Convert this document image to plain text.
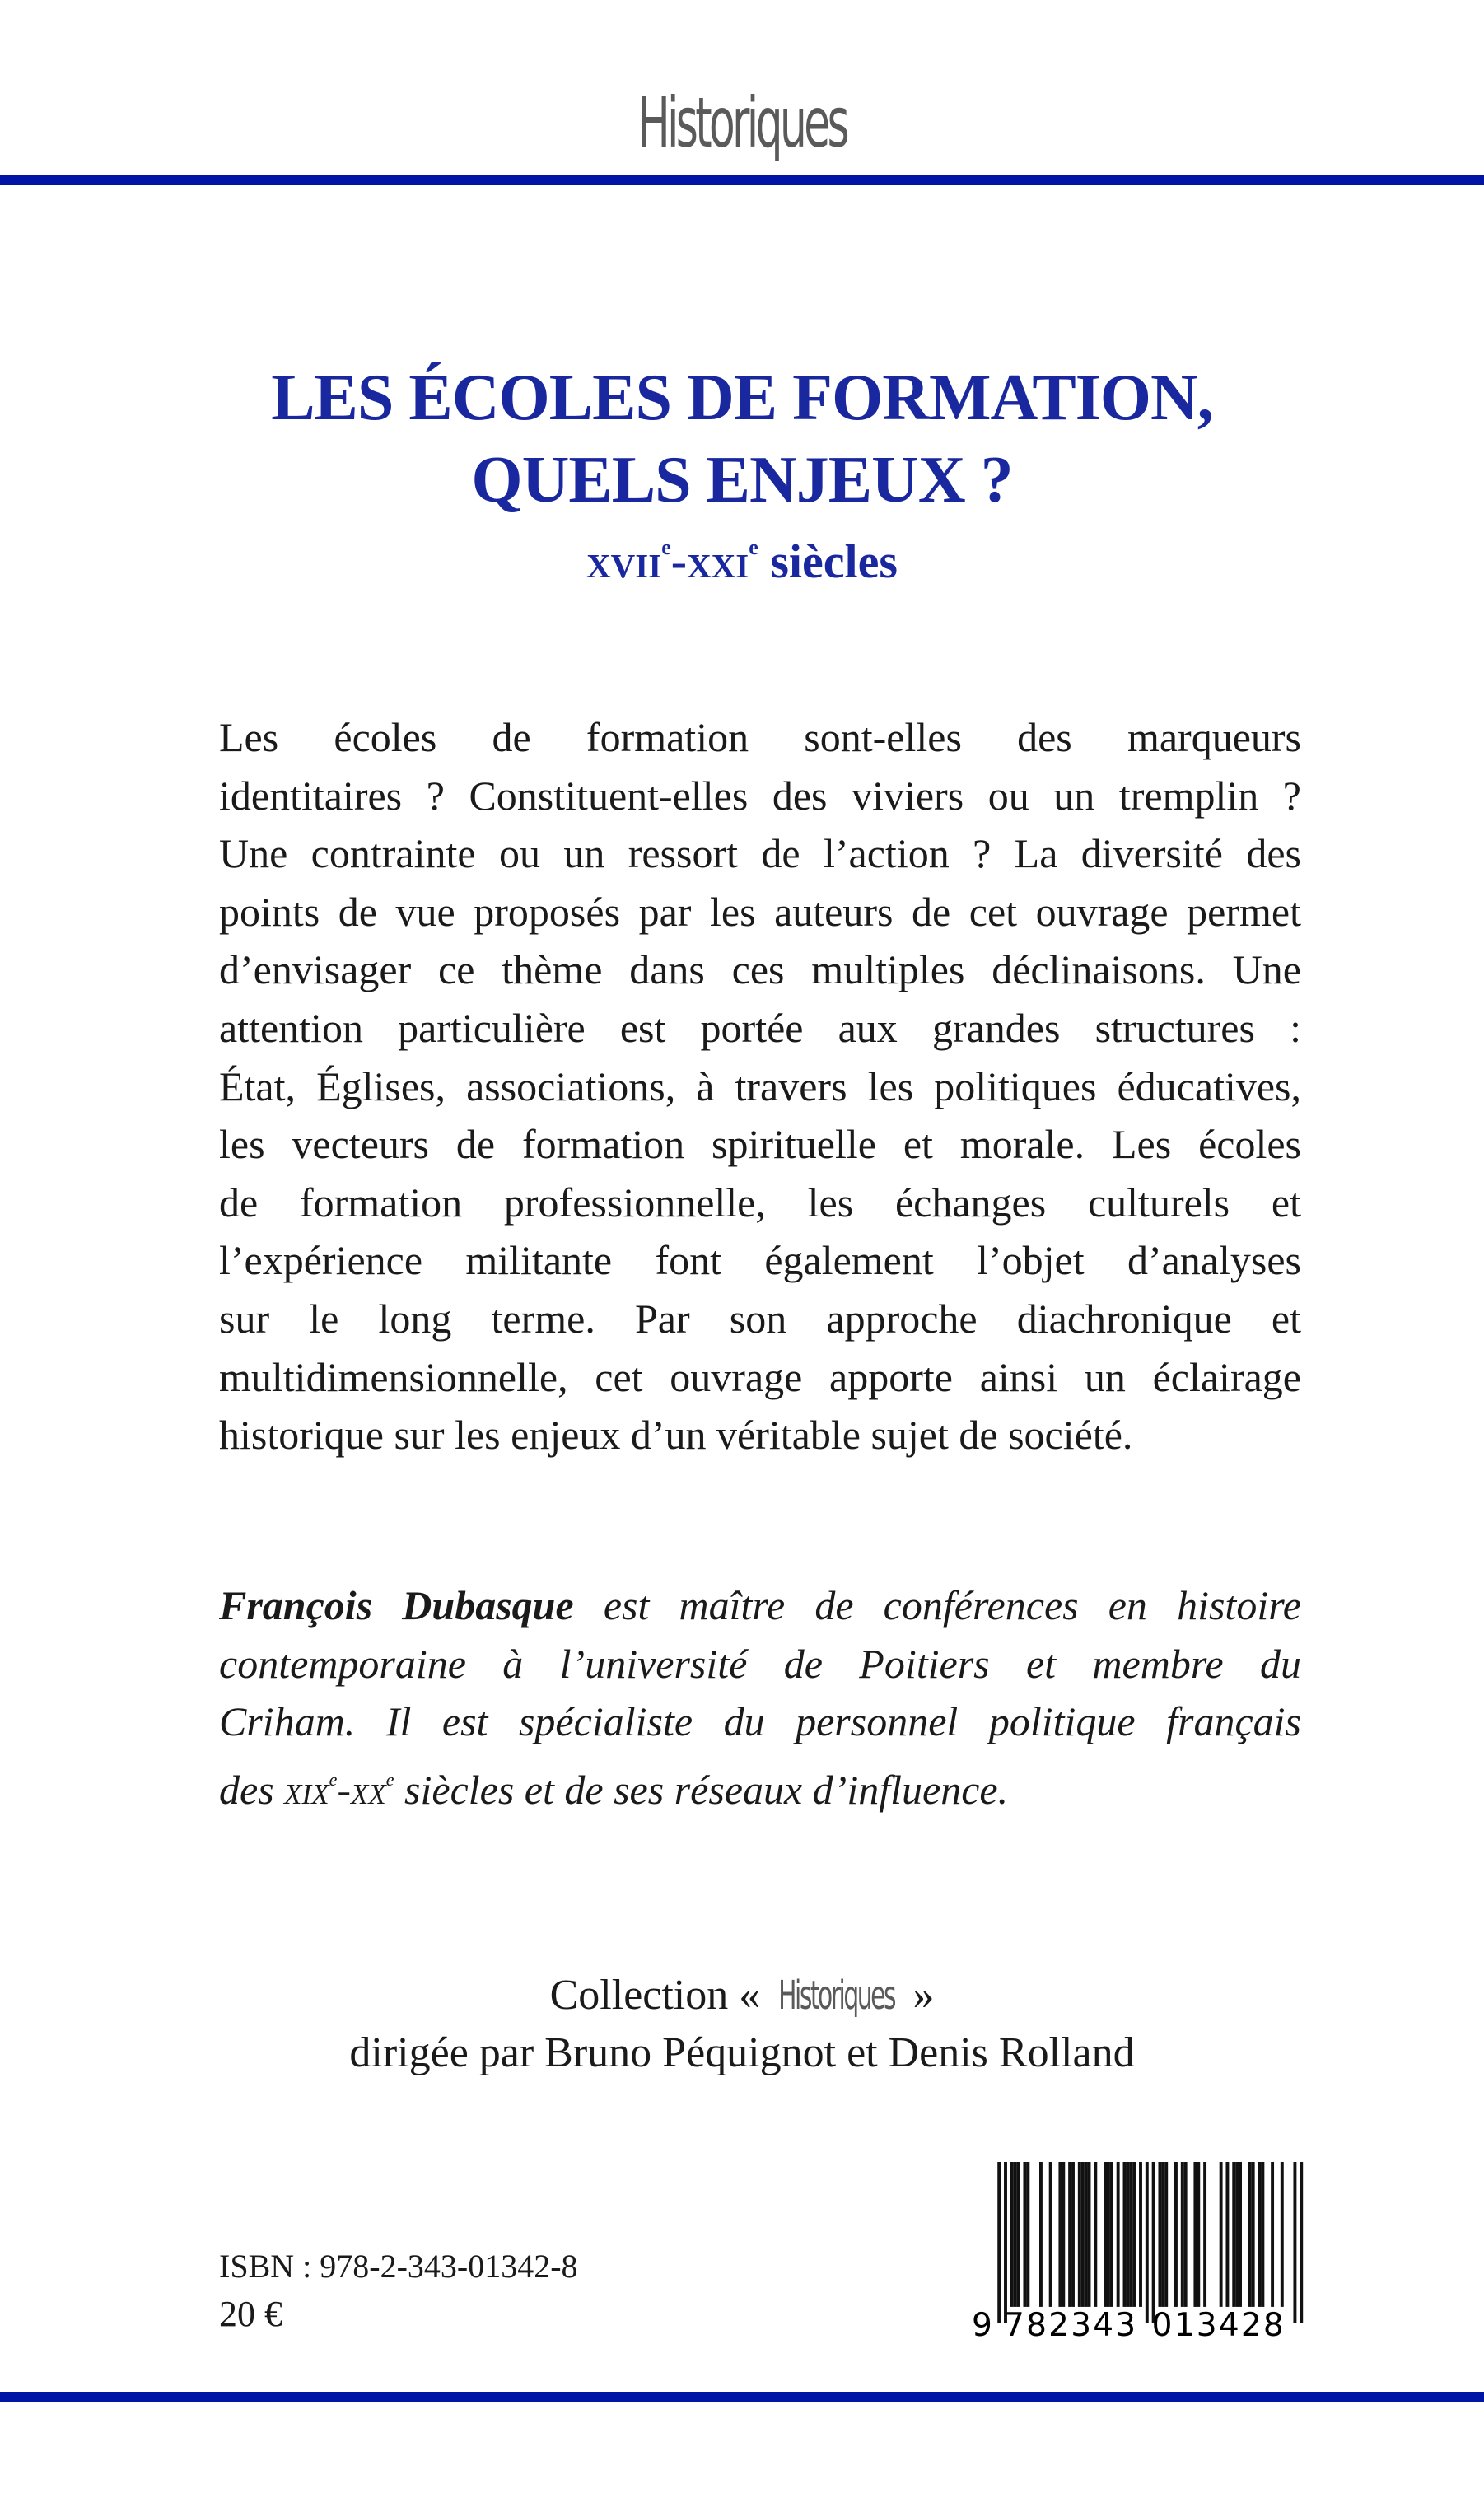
Historiques
LES ÉCOLES DE FORMATION,
QUELS ENJEUX ?
xvii$^e$-xxi$^e$ siècles
Les écoles de formation sont-elles des marqueurs
identitaires ? Constituent-elles des viviers ou un tremplin ?
Une contrainte ou un ressort de l’action ? La diversité des
points de vue proposés par les auteurs de cet ouvrage permet
d’envisager ce thème dans ces multiples déclinaisons. Une
attention particulière est portée aux grandes structures :
État, Églises, associations, à travers les politiques éducatives,
les vecteurs de formation spirituelle et morale. Les écoles
de formation professionnelle, les échanges culturels et
l’expérience militante font également l’objet d’analyses
sur le long terme. Par son approche diachronique et
multidimensionnelle, cet ouvrage apporte ainsi un éclairage
historique sur les enjeux d’un véritable sujet de société.
François Dubasque est maître de conférences en histoire
contemporaine à l’université de Poitiers et membre du
Criham. Il est spécialiste du personnel politique français
des $xix^e-xx^e$ siècles et de ses réseaux d’influence.
Collection « Historiques »
dirigée par Bruno Péquignot et Denis Rolland
ISBN : 978-2-343-01342-8
20 €	9 782343 013428
